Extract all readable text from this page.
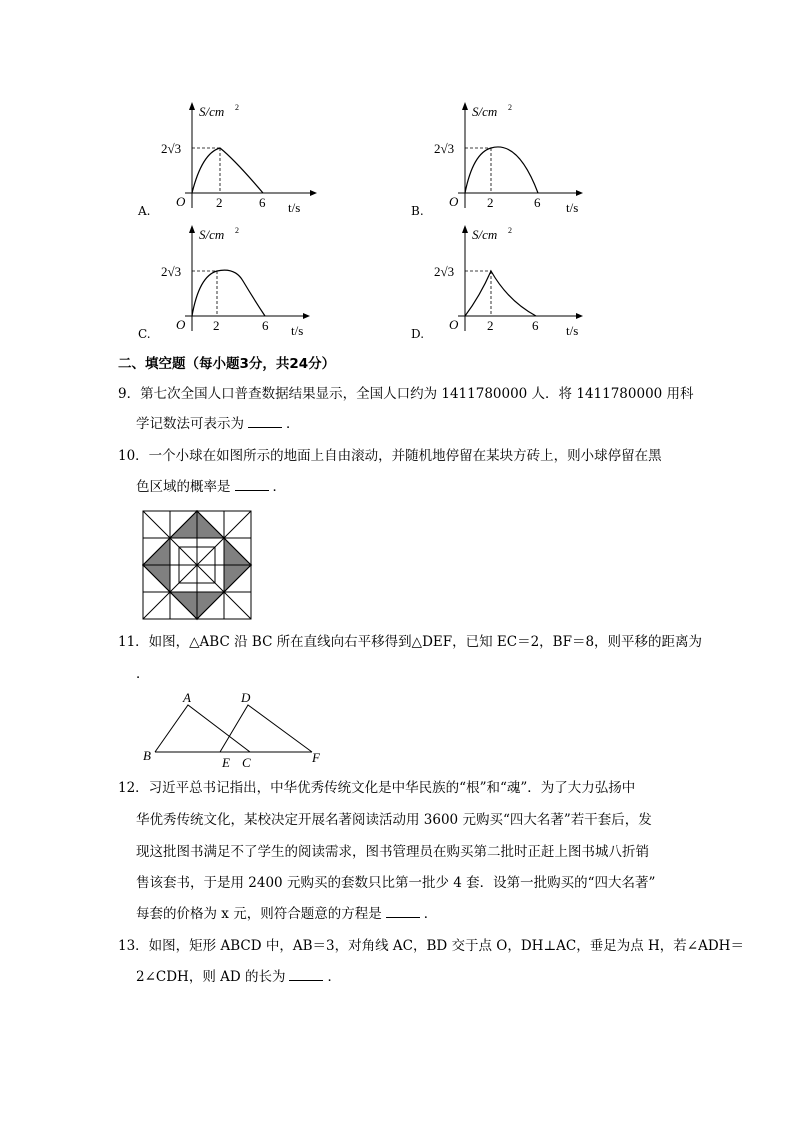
A.
S/cm 2
2√3
O 2	6 t/s	B.
S/cm 2
2√3
O 2	6 t/s
C.
S/cm 2
2√3
O 2	6 t/s	D.
S/cm 2
2√3
O 2	6 t/s
二、填空题（每小题3分，共24分）
9．第七次全国人口普查数据结果显示，全国人口约为 1411780000 人．将 1411780000 用科
学记数法可表示为	．
10．一个小球在如图所示的地面上自由滚动，并随机地停留在某块方砖上，则小球停留在黑
色区域的概率是	．
11．如图，△ABC 沿 BC 所在直线向右平移得到△DEF，已知 EC＝2，BF＝8，则平移的距离为
．
A	D
B	E C	F
12．习近平总书记指出，中华优秀传统文化是中华民族的“根”和“魂”．为了大力弘扬中
华优秀传统文化，某校决定开展名著阅读活动用 3600 元购买“四大名著”若干套后，发
现这批图书满足不了学生的阅读需求，图书管理员在购买第二批时正赶上图书城八折销
售该套书，于是用 2400 元购买的套数只比第一批少 4 套．设第一批购买的“四大名著”
每套的价格为 x 元，则符合题意的方程是	．
13．如图，矩形 ABCD 中，AB＝3，对角线 AC，BD 交于点 O，DH⊥AC，垂足为点 H，若∠ADH＝
2∠CDH，则 AD 的长为	．
